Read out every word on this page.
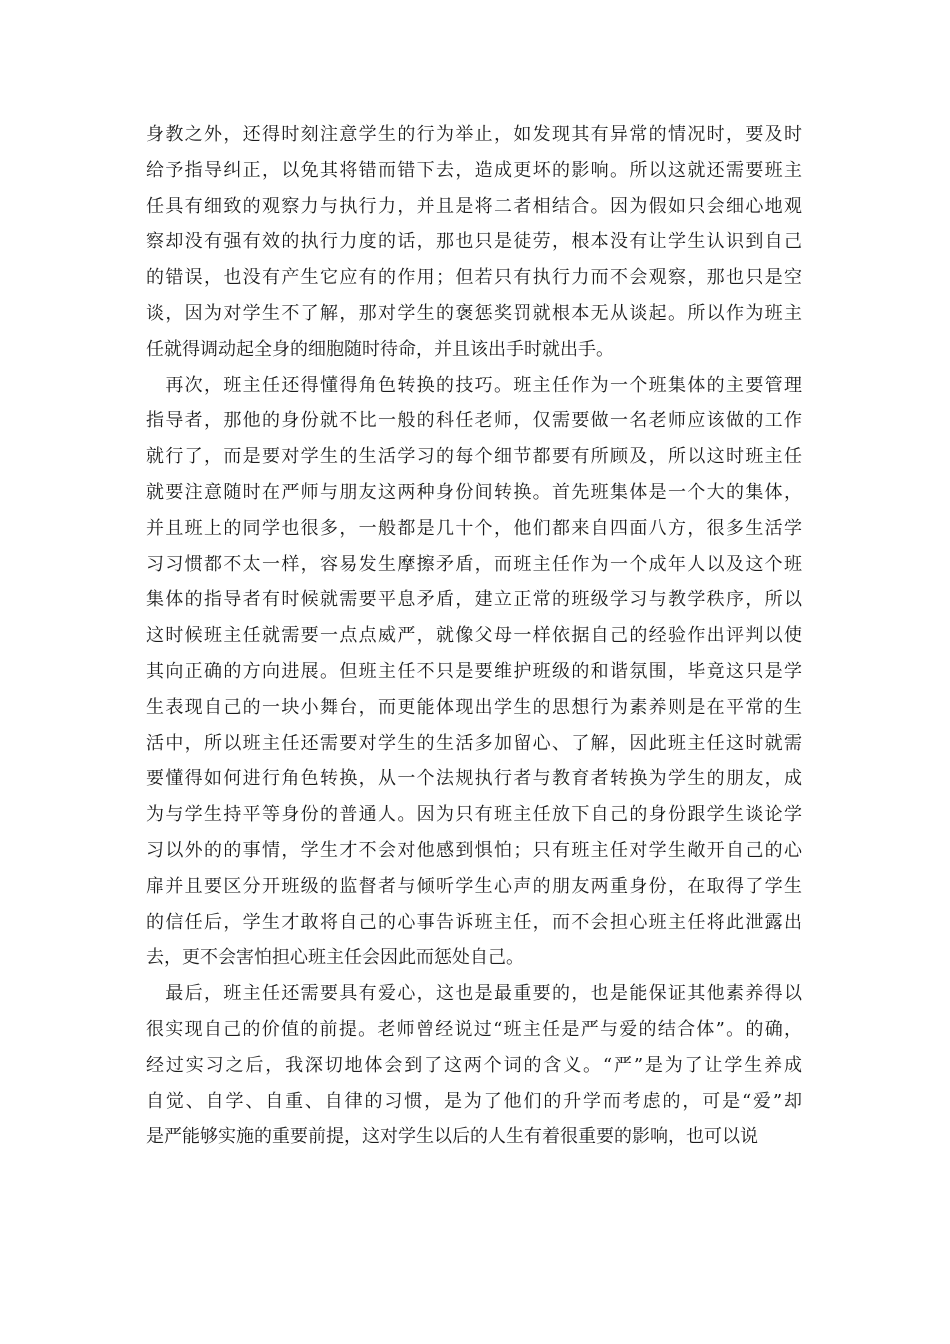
身教之外，还得时刻注意学生的行为举止，如发现其有异常的情况时，要及时
给予指导纠正，以免其将错而错下去，造成更坏的影响。所以这就还需要班主
任具有细致的观察力与执行力，并且是将二者相结合。因为假如只会细心地观
察却没有强有效的执行力度的话，那也只是徒劳，根本没有让学生认识到自己
的错误，也没有产生它应有的作用；但若只有执行力而不会观察，那也只是空
谈，因为对学生不了解，那对学生的褒惩奖罚就根本无从谈起。所以作为班主
任就得调动起全身的细胞随时待命，并且该出手时就出手。
　再次，班主任还得懂得角色转换的技巧。班主任作为一个班集体的主要管理
指导者，那他的身份就不比一般的科任老师，仅需要做一名老师应该做的工作
就行了，而是要对学生的生活学习的每个细节都要有所顾及，所以这时班主任
就要注意随时在严师与朋友这两种身份间转换。首先班集体是一个大的集体，
并且班上的同学也很多，一般都是几十个，他们都来自四面八方，很多生活学
习习惯都不太一样，容易发生摩擦矛盾，而班主任作为一个成年人以及这个班
集体的指导者有时候就需要平息矛盾，建立正常的班级学习与教学秩序，所以
这时候班主任就需要一点点威严，就像父母一样依据自己的经验作出评判以使
其向正确的方向进展。但班主任不只是要维护班级的和谐氛围，毕竟这只是学
生表现自己的一块小舞台，而更能体现出学生的思想行为素养则是在平常的生
活中，所以班主任还需要对学生的生活多加留心、了解，因此班主任这时就需
要懂得如何进行角色转换，从一个法规执行者与教育者转换为学生的朋友，成
为与学生持平等身份的普通人。因为只有班主任放下自己的身份跟学生谈论学
习以外的的事情，学生才不会对他感到惧怕；只有班主任对学生敞开自己的心
扉并且要区分开班级的监督者与倾听学生心声的朋友两重身份，在取得了学生
的信任后，学生才敢将自己的心事告诉班主任，而不会担心班主任将此泄露出
去，更不会害怕担心班主任会因此而惩处自己。
　最后，班主任还需要具有爱心，这也是最重要的，也是能保证其他素养得以
很实现自己的价值的前提。老师曾经说过“班主任是严与爱的结合体”。的确，
经过实习之后，我深切地体会到了这两个词的含义。“严”是为了让学生养成
自觉、自学、自重、自律的习惯，是为了他们的升学而考虑的，可是“爱”却
是严能够实施的重要前提，这对学生以后的人生有着很重要的影响，也可以说
